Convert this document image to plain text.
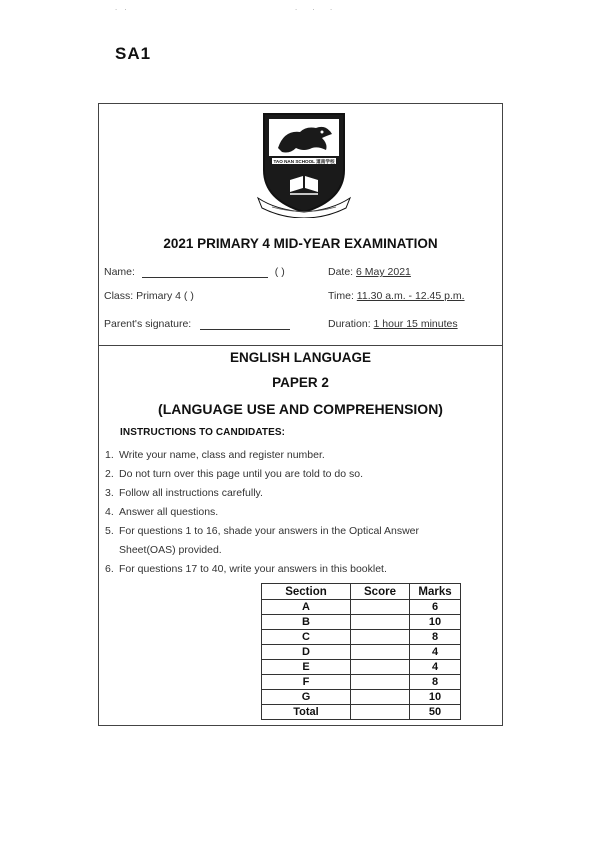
˙ ˙	˙ ˙ ˙
SA1
TAO NAN SCHOOL 道南学校
2021 PRIMARY 4 MID-YEAR EXAMINATION
Name:	( )	Date: 6 May 2021
Class: Primary 4 ( )	Time: 11.30 a.m. - 12.45 p.m.
Parent's signature:	Duration: 1 hour 15 minutes
ENGLISH LANGUAGE
PAPER 2
(LANGUAGE USE AND COMPREHENSION)
INSTRUCTIONS TO CANDIDATES:
1. Write your name, class and register number.
2. Do not turn over this page until you are told to do so.
3. Follow all instructions carefully.
4. Answer all questions.
5. For questions 1 to 16, shade your answers in the Optical Answer
Sheet(OAS) provided.
6. For questions 17 to 40, write your answers in this booklet.
Section	Score	Marks
A		6
B		10
C		8
D		4
E		4
F		8
G		10
Total		50
